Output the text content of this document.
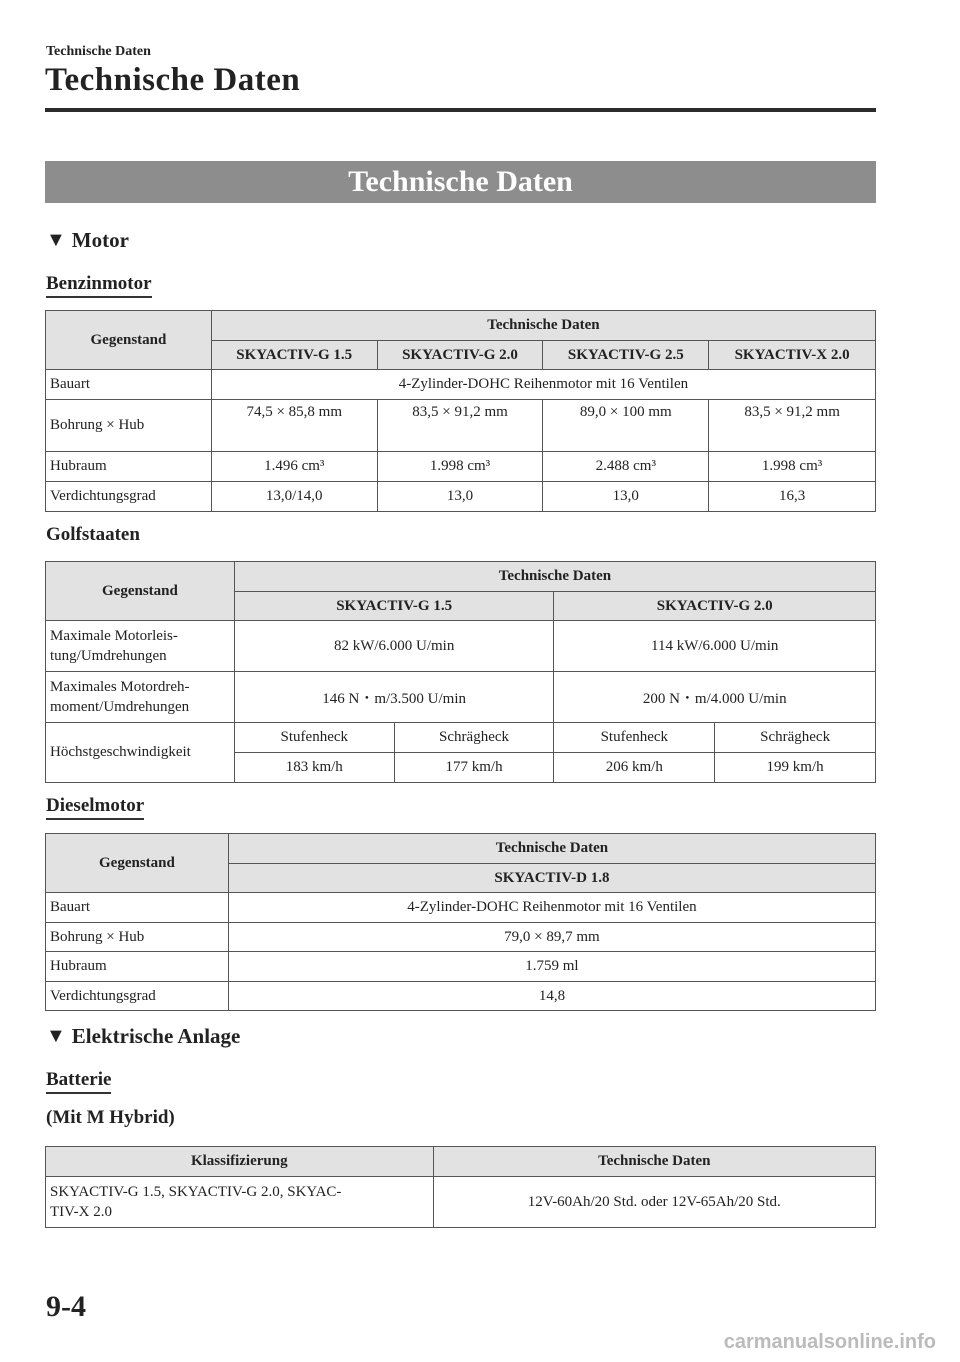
Technische Daten
Technische Daten
Technische Daten
▼ Motor
Benzinmotor
Gegenstand	Technische Daten			
	SKYACTIV-G 1.5	SKYACTIV-G 2.0	SKYACTIV-G 2.5	SKYACTIV-X 2.0
Bauart	4-Zylinder-DOHC Reihenmotor mit 16 Ventilen			
Bohrung × Hub	74,5 × 85,8 mm	83,5 × 91,2 mm	89,0 × 100 mm	83,5 × 91,2 mm
Hubraum	1.496 cm³	1.998 cm³	2.488 cm³	1.998 cm³
Verdichtungsgrad	13,0/14,0	13,0	13,0	16,3
Golfstaaten
Gegenstand	Technische Daten			
	SKYACTIV-G 1.5		SKYACTIV-G 2.0	
Maximale Motorleis-
tung/Umdrehungen	82 kW/6.000 U/min		114 kW/6.000 U/min	
Maximales Motordreh-
moment/Umdrehungen	146 N・m/3.500 U/min		200 N・m/4.000 U/min	
Höchstgeschwindigkeit	Stufenheck	Schrägheck	Stufenheck	Schrägheck
	183 km/h	177 km/h	206 km/h	199 km/h
Dieselmotor
Gegenstand	Technische Daten
	SKYACTIV-D 1.8
Bauart	4-Zylinder-DOHC Reihenmotor mit 16 Ventilen
Bohrung × Hub	79,0 × 89,7 mm
Hubraum	1.759 ml
Verdichtungsgrad	14,8
▼ Elektrische Anlage
Batterie
(Mit M Hybrid)
Klassifizierung	Technische Daten
SKYACTIV-G 1.5, SKYACTIV-G 2.0, SKYAC-
TIV-X 2.0	12V-60Ah/20 Std. oder 12V-65Ah/20 Std.
9-4
carmanualsonline.info
